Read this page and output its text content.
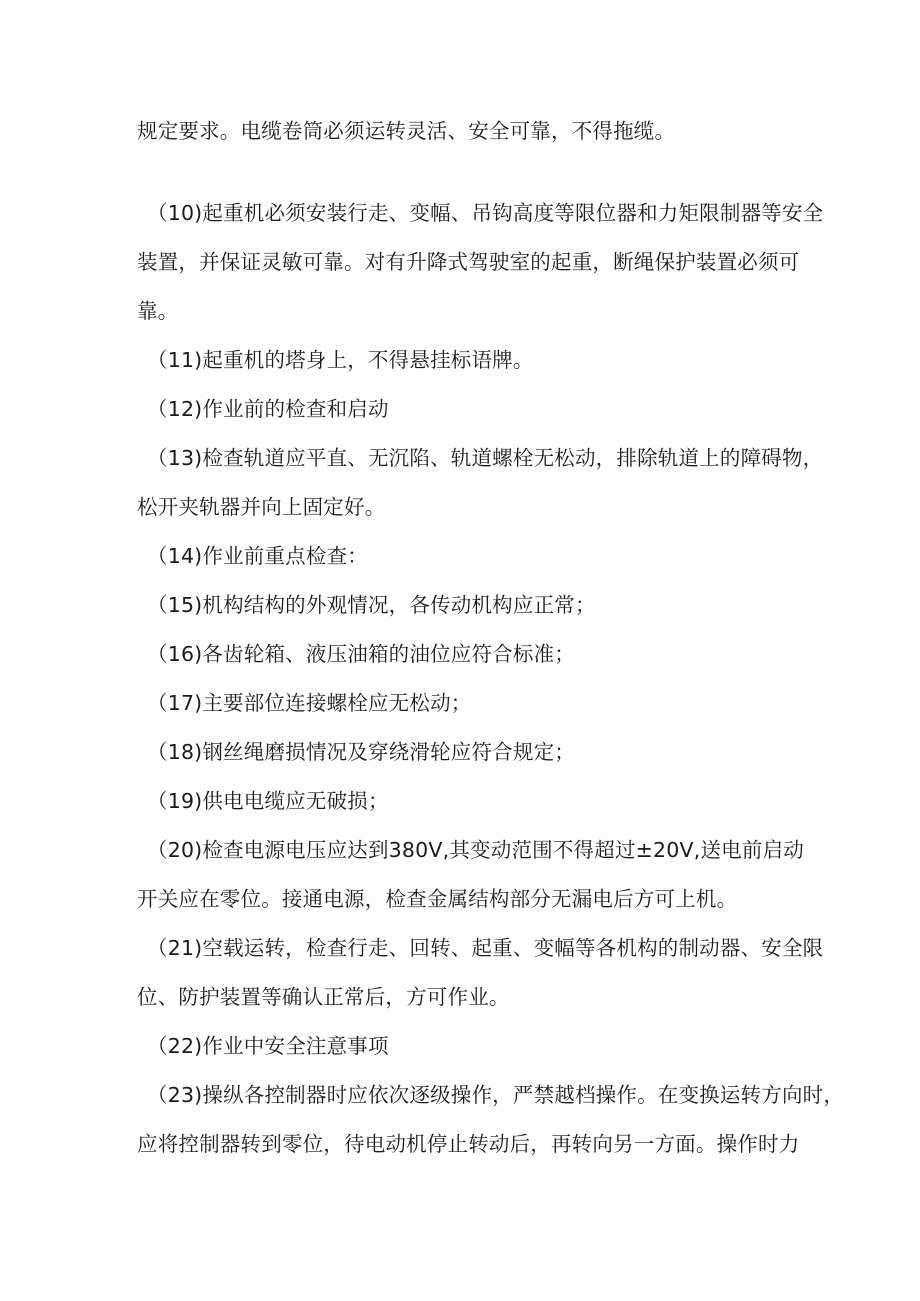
规定要求。电缆卷筒必须运转灵活、安全可靠，不得拖缆。
（10)起重机必须安装行走、变幅、吊钩高度等限位器和力矩限制器等安全
装置，并保证灵敏可靠。对有升降式驾驶室的起重，断绳保护装置必须可
靠。
（11)起重机的塔身上，不得悬挂标语牌。
（12)作业前的检查和启动
（13)检查轨道应平直、无沉陷、轨道螺栓无松动，排除轨道上的障碍物，
松开夹轨器并向上固定好。
（14)作业前重点检查：
（15)机构结构的外观情况，各传动机构应正常；
（16)各齿轮箱、液压油箱的油位应符合标准；
（17)主要部位连接螺栓应无松动；
（18)钢丝绳磨损情况及穿绕滑轮应符合规定；
（19)供电电缆应无破损；
（20)检查电源电压应达到380V,其变动范围不得超过±20V,送电前启动
开关应在零位。接通电源，检查金属结构部分无漏电后方可上机。
（21)空载运转，检查行走、回转、起重、变幅等各机构的制动器、安全限
位、防护装置等确认正常后，方可作业。
（22)作业中安全注意事项
（23)操纵各控制器时应依次逐级操作，严禁越档操作。在变换运转方向时，
应将控制器转到零位，待电动机停止转动后，再转向另一方面。操作时力
